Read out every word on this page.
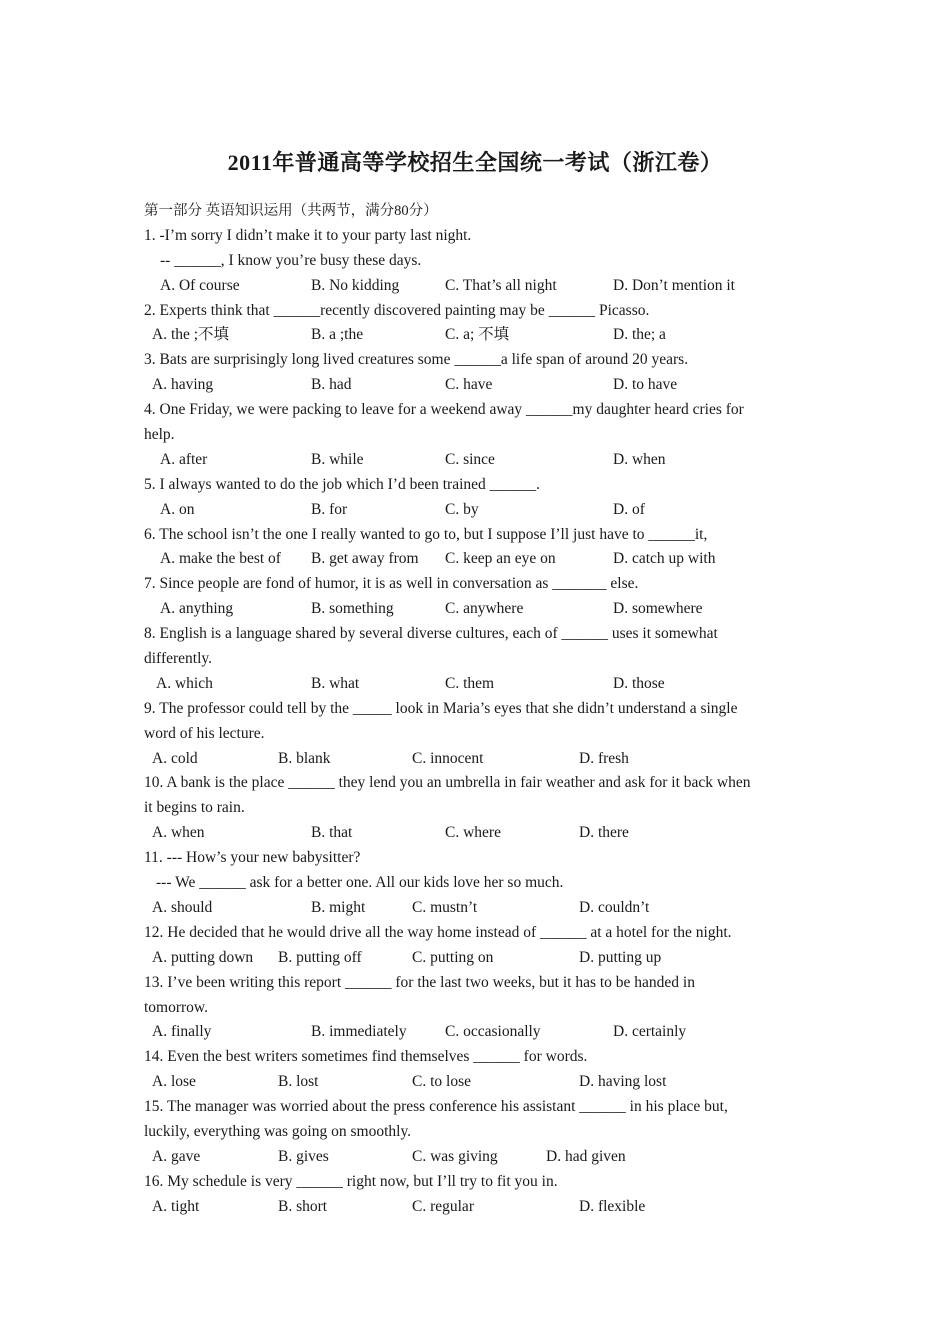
2011年普通高等学校招生全国统一考试（浙江卷）
第一部分 英语知识运用（共两节，满分80分）
1. -I’m sorry I didn’t make it to your party last night.
-- ______, I know you’re busy these days.
A. Of course	B. No kidding	C. That’s all night	D. Don’t mention it
2. Experts think that ______recently discovered painting may be ______ Picasso.
A. the ;不填	B. a ;the	C. a; 不填	D. the; a
3. Bats are surprisingly long lived creatures some ______a life span of around 20 years.
A. having	B. had	C. have	D. to have
4. One Friday, we were packing to leave for a weekend away ______my daughter heard cries for
help.
A. after	B. while	C. since	D. when
5. I always wanted to do the job which I’d been trained ______.
A. on	B. for	C. by	D. of
6. The school isn’t the one I really wanted to go to, but I suppose I’ll just have to ______it,
A. make the best of B. get away from C. keep an eye on	D. catch up with
7. Since people are fond of humor, it is as well in conversation as _______ else.
A. anything	B. something	C. anywhere	D. somewhere
8. English is a language shared by several diverse cultures, each of ______ uses it somewhat
differently.
A. which	B. what	C. them	D. those
9. The professor could tell by the _____ look in Maria’s eyes that she didn’t understand a single
word of his lecture.
A. cold	B. blank	C. innocent	D. fresh
10. A bank is the place ______ they lend you an umbrella in fair weather and ask for it back when
it begins to rain.
A. when	B. that	C. where	D. there
11. --- How’s your new babysitter?
--- We ______ ask for a better one. All our kids love her so much.
A. should	B. might	C. mustn’t	D. couldn’t
12. He decided that he would drive all the way home instead of ______ at a hotel for the night.
A. putting down B. putting off	C. putting on	D. putting up
13. I’ve been writing this report ______ for the last two weeks, but it has to be handed in
tomorrow.
A. finally	B. immediately C. occasionally	D. certainly
14. Even the best writers sometimes find themselves ______ for words.
A. lose	B. lost	C. to lose	D. having lost
15. The manager was worried about the press conference his assistant ______ in his place but,
luckily, everything was going on smoothly.
A. gave	B. gives	C. was giving	D. had given
16. My schedule is very ______ right now, but I’ll try to fit you in.
A. tight	B. short	C. regular	D. flexible
